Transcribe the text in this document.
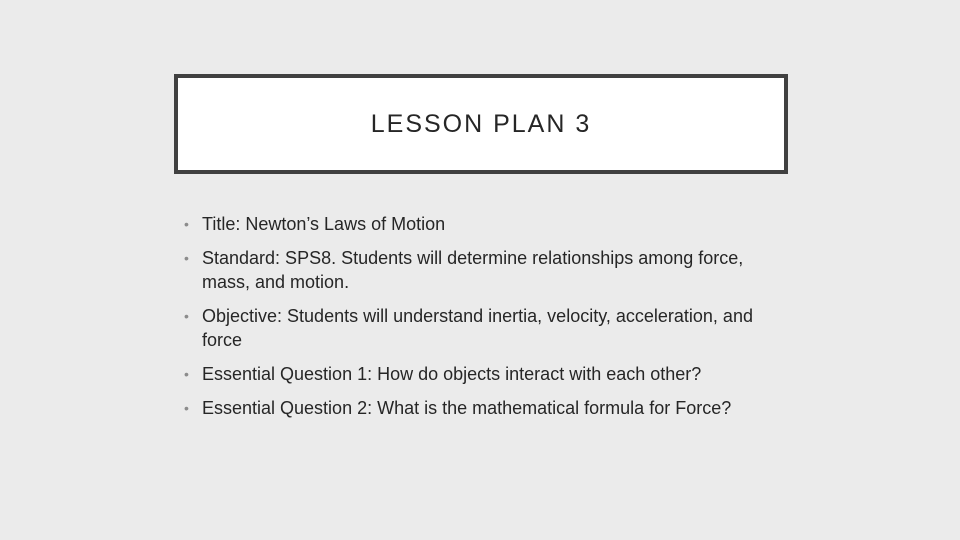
LESSON PLAN 3
• Title: Newton’s Laws of Motion
• Standard: SPS8. Students will determine relationships among force, mass, and motion.
• Objective: Students will understand inertia, velocity, acceleration, and force
• Essential Question 1: How do objects interact with each other?
• Essential Question 2: What is the mathematical formula for Force?
